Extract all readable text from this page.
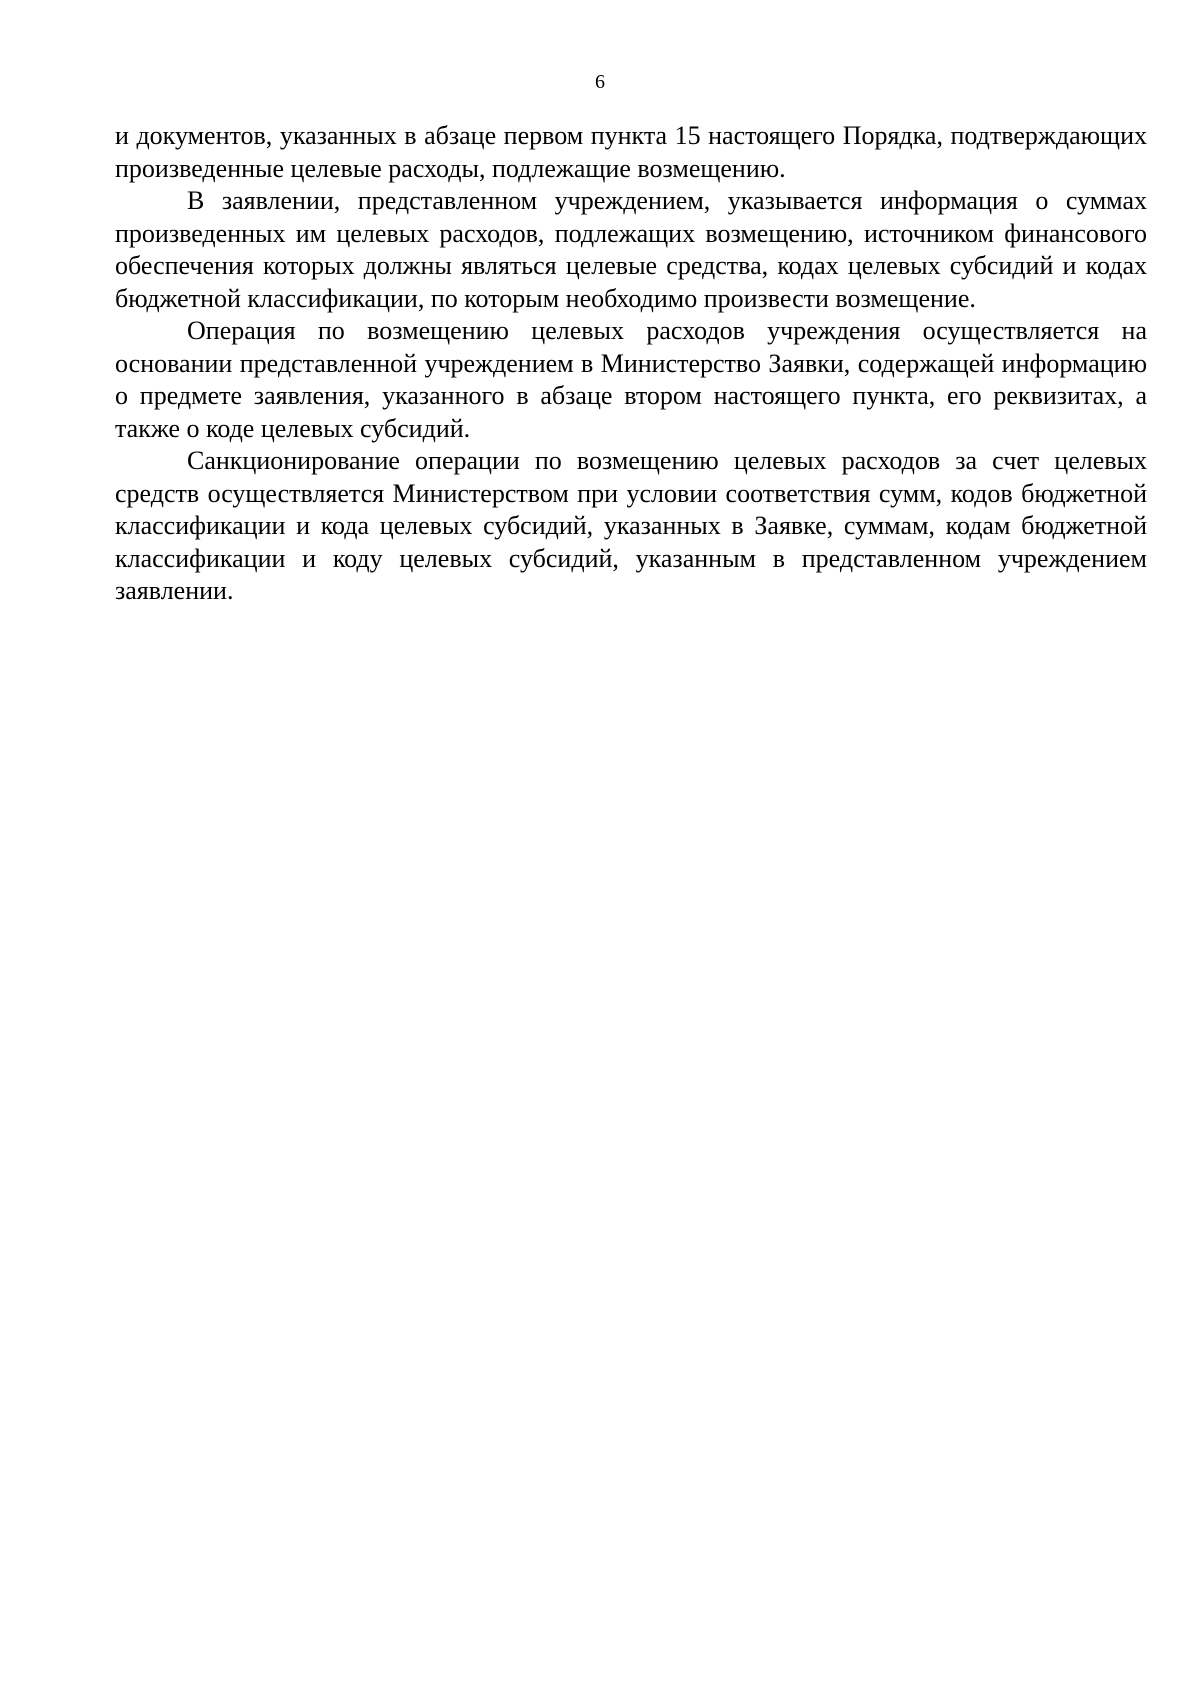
6

и документов, указанных в абзаце первом пункта 15 настоящего Порядка, подтверждающих произведенные целевые расходы, подлежащие возмещению.

В заявлении, представленном учреждением, указывается информация о суммах произведенных им целевых расходов, подлежащих возмещению, источником финансового обеспечения которых должны являться целевые средства, кодах целевых субсидий и кодах бюджетной классификации, по которым необходимо произвести возмещение.

Операция по возмещению целевых расходов учреждения осуществляется на основании представленной учреждением в Министерство Заявки, содержащей информацию о предмете заявления, указанного в абзаце втором настоящего пункта, его реквизитах, а также о коде целевых субсидий.

Санкционирование операции по возмещению целевых расходов за счет целевых средств осуществляется Министерством при условии соответствия сумм, кодов бюджетной классификации и кода целевых субсидий, указанных в Заявке, суммам, кодам бюджетной классификации и коду целевых субсидий, указанным в представленном учреждением заявлении.
